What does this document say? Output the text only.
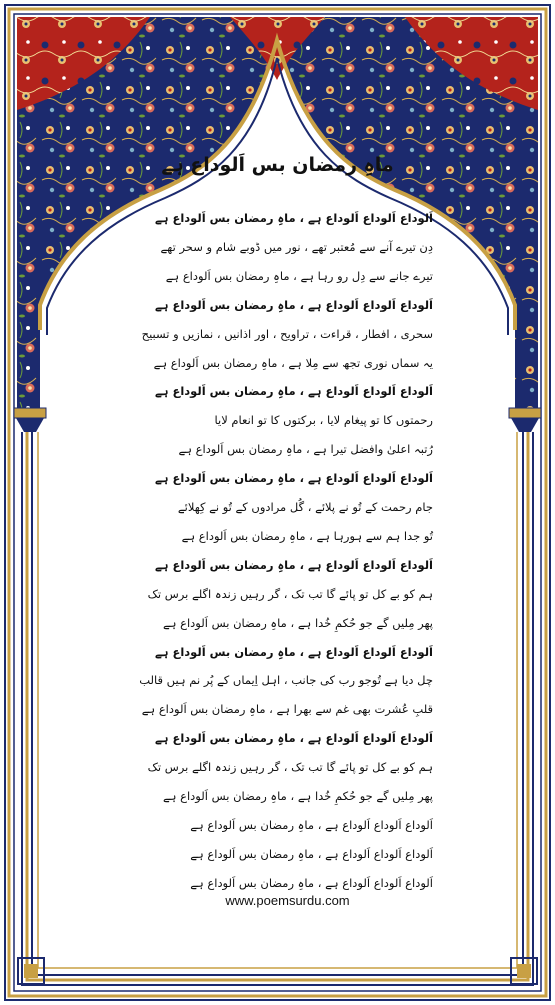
ماہِ رمضان بس اَلوداع ہے
اَلوداع اَلوداع اَلوداع ہے ، ماہِ رمضان بس اَلوداع ہے
دِن تیرے آنے سے مُعتبر تھے ، نور میں ڈوبے شام و سحر تھے
تیرے جانے سے دِل رو رہا ہے ، ماہِ رمضان بس اَلوداع ہے
اَلوداع اَلوداع اَلوداع ہے ، ماہِ رمضان بس اَلوداع ہے
سحری ، افطار ، قراءت ، تراویح ، اور اذانیں ، نمازیں و تسبیح
یہ سماں نوری تجھ سے مِلا ہے ، ماہِ رمضان بس اَلوداع ہے
اَلوداع اَلوداع اَلوداع ہے ، ماہِ رمضان بس اَلوداع ہے
رحمتوں کا تو پیغام لایا ، برکتوں کا تو انعام لایا
رُتبہ اعلیٰ وافضل تیرا ہے ، ماہِ رمضان بس اَلوداع ہے
اَلوداع اَلوداع اَلوداع ہے ، ماہِ رمضان بس اَلوداع ہے
جام رحمت کے تُو نے پلائے ، گُل مرادوں کے تُو نے کِھلائے
تُو جدا ہم سے ہورہا ہے ، ماہِ رمضان بس اَلوداع ہے
اَلوداع اَلوداع اَلوداع ہے ، ماہِ رمضان بس اَلوداع ہے
ہم کو بے کل تو پائے گا تب تک ، گر رہیں زندہ اگلے برس تک
پھر مِلیں گے جو حُکمِ خُدا ہے ، ماہِ رمضان بس اَلوداع ہے
اَلوداع اَلوداع اَلوداع ہے ، ماہِ رمضان بس اَلوداع ہے
چل دیا ہے تُوجو رب کی جانب ، اہل اِیماں کے پُر نم ہیں قالب
قلبِ عُشرت بھی غم سے بھرا ہے ، ماہِ رمضان بس اَلوداع ہے
اَلوداع اَلوداع اَلوداع ہے ، ماہِ رمضان بس اَلوداع ہے
ہم کو بے کل تو پائے گا تب تک ، گر رہیں زندہ اگلے برس تک
پھر مِلیں گے جو حُکمِ خُدا ہے ، ماہِ رمضان بس اَلوداع ہے
اَلوداع اَلوداع اَلوداع ہے ، ماہِ رمضان بس اَلوداع ہے
اَلوداع اَلوداع اَلوداع ہے ، ماہِ رمضان بس اَلوداع ہے
اَلوداع اَلوداع اَلوداع ہے ، ماہِ رمضان بس اَلوداع ہے
www.poemsurdu.com
